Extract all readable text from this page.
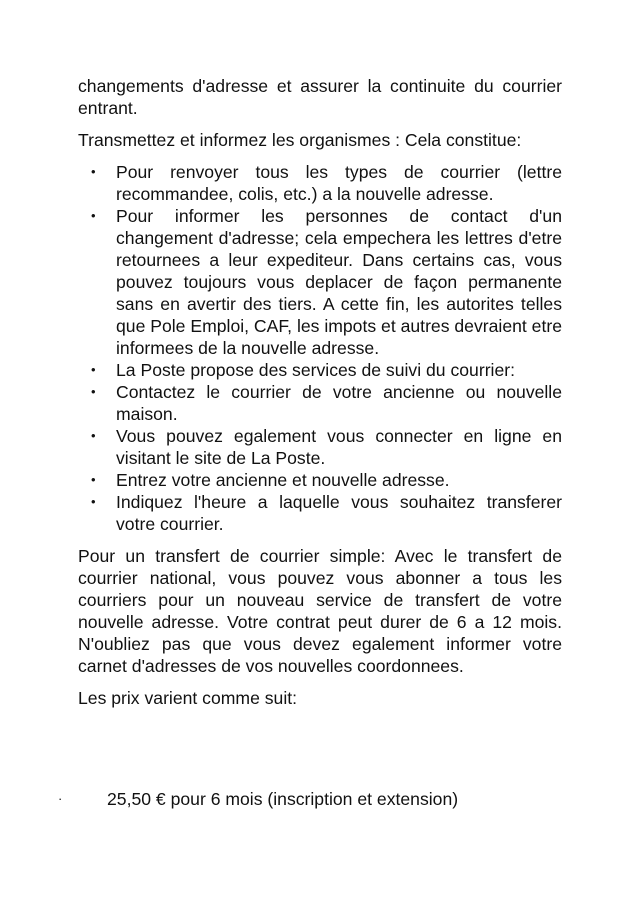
changements d'adresse et assurer la continuite du courrier entrant.

Transmettez et informez les organismes : Cela constitue:

• Pour renvoyer tous les types de courrier (lettre recommandee, colis, etc.) a la nouvelle adresse.
• Pour informer les personnes de contact d'un changement d'adresse; cela empechera les lettres d'etre retournees a leur expediteur. Dans certains cas, vous pouvez toujours vous deplacer de façon permanente sans en avertir des tiers. A cette fin, les autorites telles que Pole Emploi, CAF, les impots et autres devraient etre informees de la nouvelle adresse.
• La Poste propose des services de suivi du courrier:
• Contactez le courrier de votre ancienne ou nouvelle maison.
• Vous pouvez egalement vous connecter en ligne en visitant le site de La Poste.
• Entrez votre ancienne et nouvelle adresse.
• Indiquez l'heure a laquelle vous souhaitez transferer votre courrier.

Pour un transfert de courrier simple: Avec le transfert de courrier national, vous pouvez vous abonner a tous les courriers pour un nouveau service de transfert de votre nouvelle adresse. Votre contrat peut durer de 6 a 12 mois. N'oubliez pas que vous devez egalement informer votre carnet d'adresses de vos nouvelles coordonnees.

Les prix varient comme suit:

·	25,50 € pour 6 mois (inscription et extension)
